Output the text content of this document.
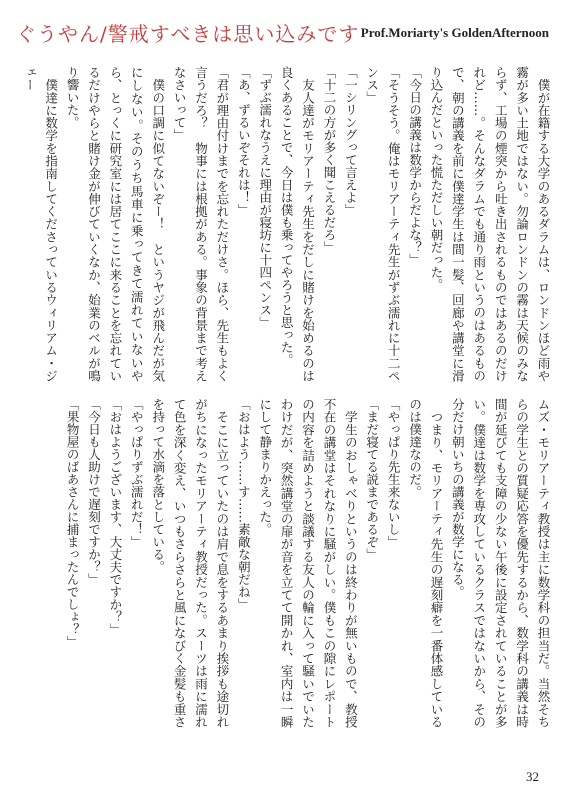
ぐうやん/警戒すべきは思い込みです Prof.Moriarty's GoldenAfternoon

　僕が在籍する大学のあるダラムは、ロンドンほど雨や霧が多い土地ではない。勿論ロンドンの霧は天候のみならず、工場の煙突から吐き出されるものではあるのだけれど……。そんなダラムでも通り雨というのはあるもので、朝の講義を前に僕達学生は間一髪、回廊や講堂に滑り込んだといった慌ただしい朝だった。

「今日の講義は数学からだよな？」

「そうそう。俺はモリアーティ先生がずぶ濡れに十二ペンス」

「一シリングって言えよ」

「十二の方が多く聞こえるだろ」

　友人達がモリアーティ先生をだしに賭けを始めるのは良くあることで、今日は僕も乗ってやろうと思った。

「ずぶ濡れなうえに理由が寝坊に十四ペンス」

「あ、ずるいぞそれは！」

「君が理由付けまでを忘れただけさ。ほら、先生もよく言うだろ？　物事には根拠がある。事象の背景まで考えなさいって」

　僕の口調に似てないぞー！　というヤジが飛んだが気にしない。そのうち馬車に乗ってきて濡れていないやら、とっくに研究室には居てここに来ることを忘れているだけやらと賭け金が伸びていくなか、始業のベルが鳴り響いた。

　僕達に数学を指南してくださっているウィリアム・ジェー

ムズ・モリアーティ教授は主に数学科の担当だ。当然そちらの学生との質疑応答を優先するから、数学科の講義は時間が延びても支障の少ない午後に設定されていることが多い。僕達は数学を専攻しているクラスではないから、その分だけ朝いちの講義が数学になる。

　つまり、モリアーティ先生の遅刻癖を一番体感しているのは僕達なのだ。

「やっぱり先生来ないし」

「まだ寝てる説まであるぞ」

　学生のおしゃべりというのは終わりが無いもので、教授不在の講堂はそれなりに騒がしい。僕もこの隙にレポートの内容を詰めようと談議する友人の輪に入って騒いでいたわけだが、突然講堂の扉が音を立てて開かれ、室内は一瞬にして静まりかえった。

「おはよう……す……素敵な朝だね」

　そこに立っていたのは肩で息をするあまり挨拶も途切れがちになったモリアーティ教授だった。スーツは雨に濡れて色を深く変え、いつもさらさらと風になびく金髪も重さを持って水滴を落としている。

「やっぱりずぶ濡れだ！」

「おはようございます、大丈夫ですか？」

「今日も人助けで遅刻ですか？」

「果物屋のばあさんに捕まったんでしょ？」

32
